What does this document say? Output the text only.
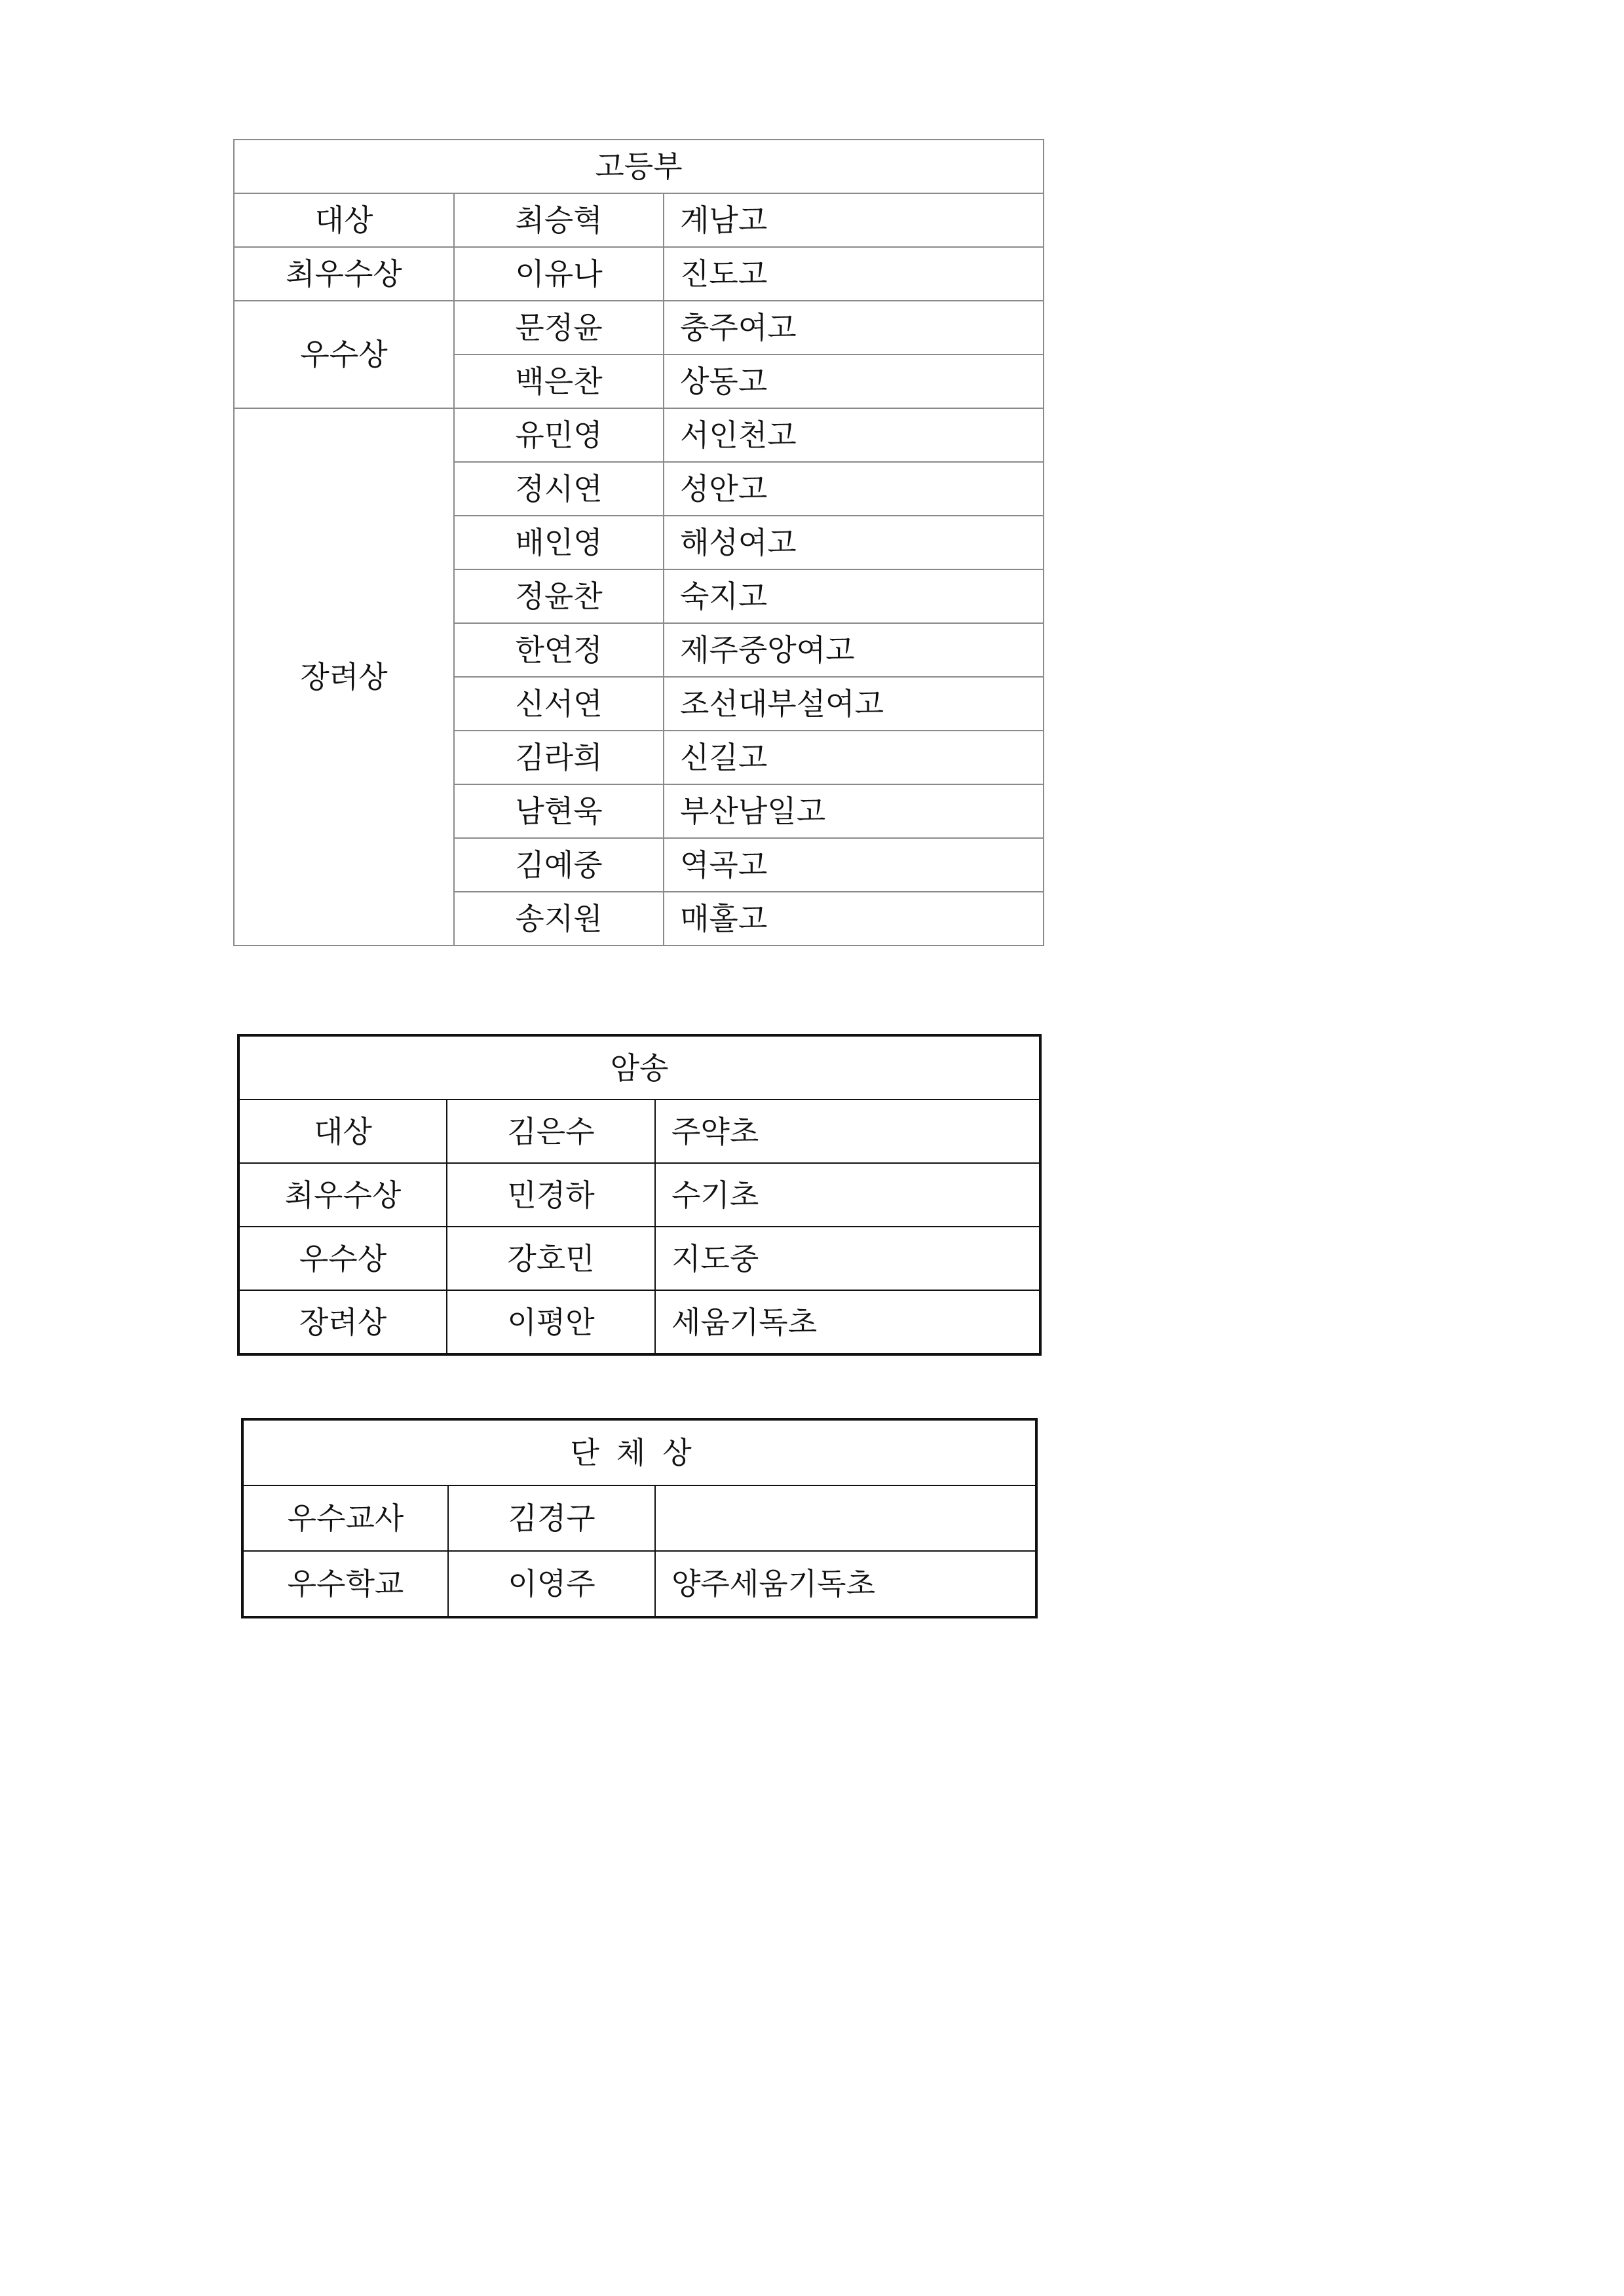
고등부		
대상	최승혁	계남고
최우수상	이유나	진도고
우수상	문정윤	충주여고
	백은찬	상동고
장려상	유민영	서인천고
	정시연	성안고
	배인영	해성여고
	정윤찬	숙지고
	한연정	제주중앙여고
	신서연	조선대부설여고
	김라희	신길고
	남현욱	부산남일고
	김예중	역곡고
	송지원	매홀고
암송		
대상	김은수	주약초
최우수상	민경하	수기초
우수상	강호민	지도중
장려상	이평안	세움기독초
단체상		
우수교사	김경구	
우수학교	이영주	양주세움기독초
